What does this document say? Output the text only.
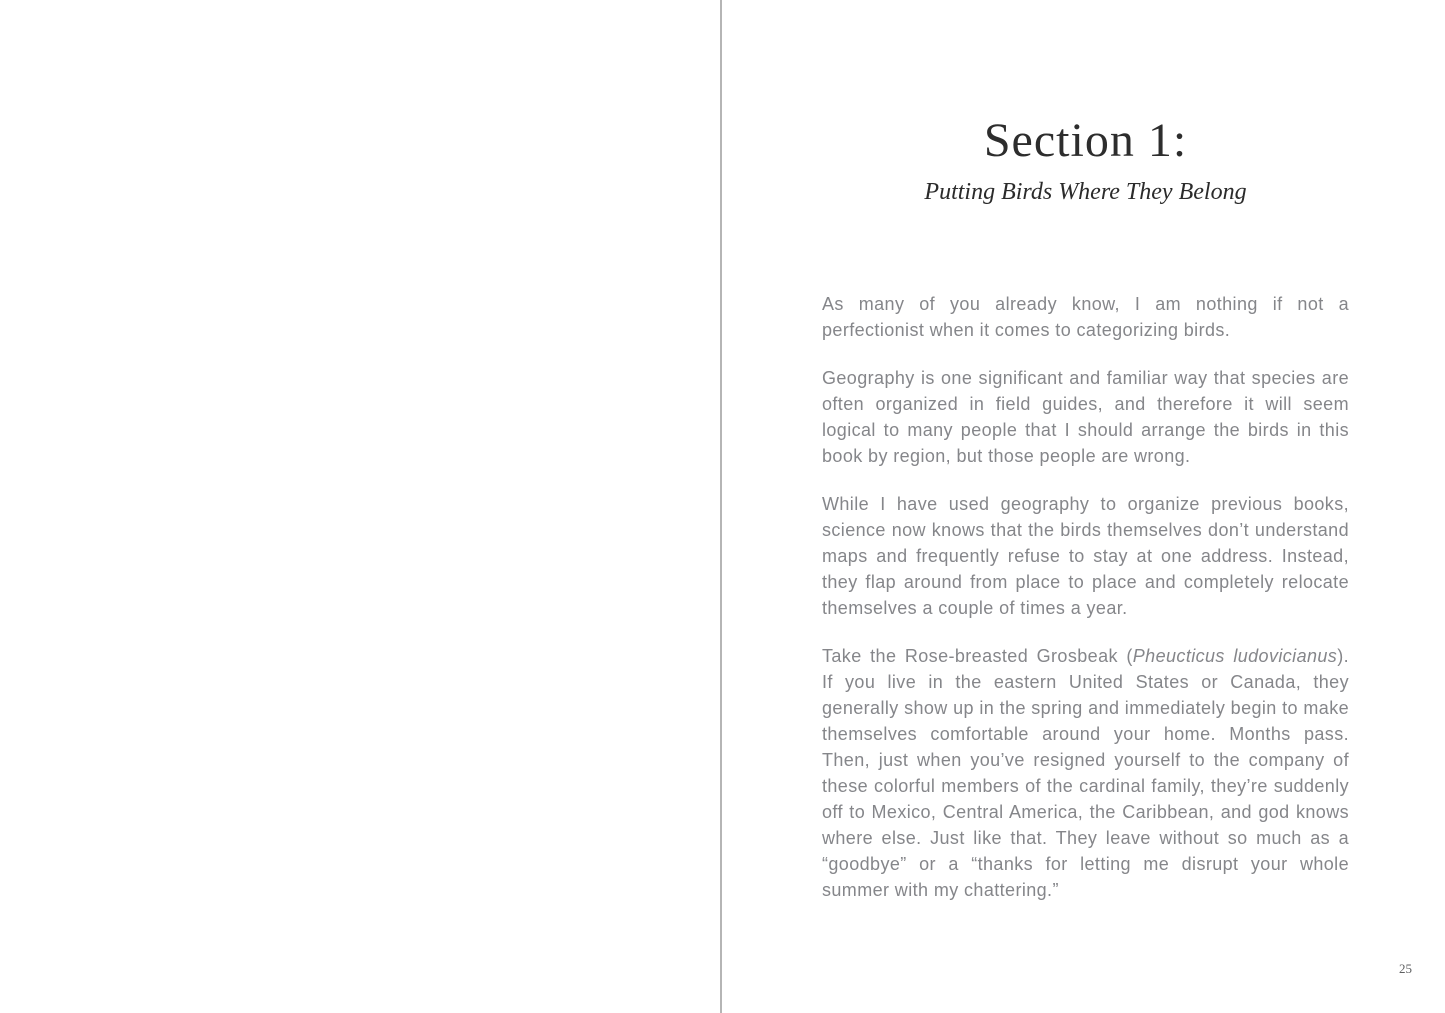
Section 1:
Putting Birds Where They Belong

As many of you already know, I am nothing if not a perfectionist when it comes to categorizing birds.

Geography is one significant and familiar way that species are often organized in field guides, and therefore it will seem logical to many people that I should arrange the birds in this book by region, but those people are wrong.

While I have used geography to organize previous books, science now knows that the birds themselves don’t understand maps and frequently refuse to stay at one address. Instead, they flap around from place to place and completely relocate themselves a couple of times a year.

Take the Rose-breasted Grosbeak (Pheucticus ludovicianus). If you live in the eastern United States or Canada, they generally show up in the spring and immediately begin to make themselves comfortable around your home. Months pass. Then, just when you’ve resigned yourself to the company of these colorful members of the cardinal family, they’re suddenly off to Mexico, Central America, the Caribbean, and god knows where else. Just like that. They leave without so much as a “goodbye” or a “thanks for letting me disrupt your whole summer with my chattering.”

25
